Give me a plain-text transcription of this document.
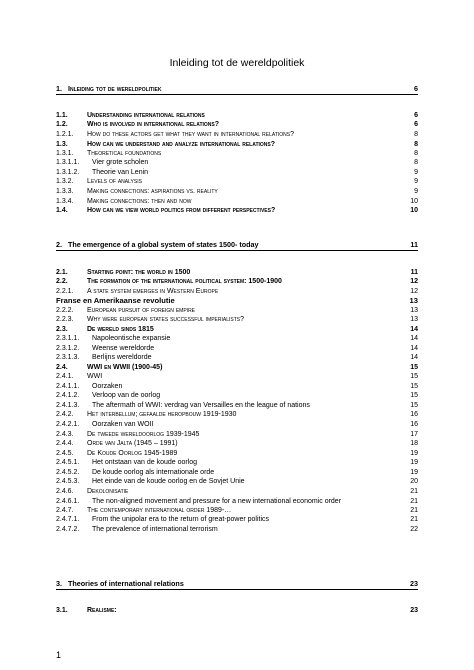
Inleiding tot de wereldpolitiek
1. Inleiding tot de wereldpolitiek	6
1.1.	Understanding international relations	6
1.2.	Who is involved in international relations?	6
1.2.1. How do these actors get what they want in international relations?	8
1.3.	How can we understand and analyze international relations?	8
1.3.1. Theoretical foundations	8
1.3.1.1. Vier grote scholen	8
1.3.1.2. Theorie van Lenin	9
1.3.2. Levels of analysis	9
1.3.3. Making connections: aspirations vs. reality	9
1.3.4. Making connections: then and now	10
1.4.	How can we view world politics from different perspectives?	10
2. The emergence of a global system of states 1500- today	11
2.1.	Starting point: the world in 1500	11
2.2.	The formation of the international political system: 1500-1900	12
2.2.1. A state system emerges in Western Europe	12
Franse en Amerikaanse revolutie	13
2.2.2. European pursuit of foreign empire	13
2.2.3. Why were european states successful imperialists?	13
2.3.	De wereld sinds 1815	14
2.3.1.1. Napoleontische expansie	14
2.3.1.2. Weense wereldorde	14
2.3.1.3. Berlijns wereldorde	14
2.4.	WWI en WWII (1900-45)	15
2.4.1. WWI	15
2.4.1.1. Oorzaken	15
2.4.1.2. Verloop van de oorlog	15
2.4.1.3. The aftermath of WWI: verdrag van Versailles en the league of nations	15
2.4.2. Het interbellum; gefaalde heropbouw 1919-1930	16
2.4.2.1. Oorzaken van WOII	16
2.4.3. De tweede wereldoorlog 1939-1945	17
2.4.4. Orde van Jalta (1945 – 1991)	18
2.4.5. De Koude Oorlog 1945-1989	19
2.4.5.1. Het ontstaan van de koude oorlog	19
2.4.5.2. De koude oorlog als internationale orde	19
2.4.5.3. Het einde van de koude oorlog en de Sovjet Unie	20
2.4.6. Dekolonisatie	21
2.4.6.1. The non-aligned movement and pressure for a new international economic order	21
2.4.7. The contemporary international order 1989-…	21
2.4.7.1. From the unipolar era to the return of great-power politics	21
2.4.7.2. The prevalence of international terrorism	22
3. Theories of international relations	23
3.1.	Realisme:	23
1
